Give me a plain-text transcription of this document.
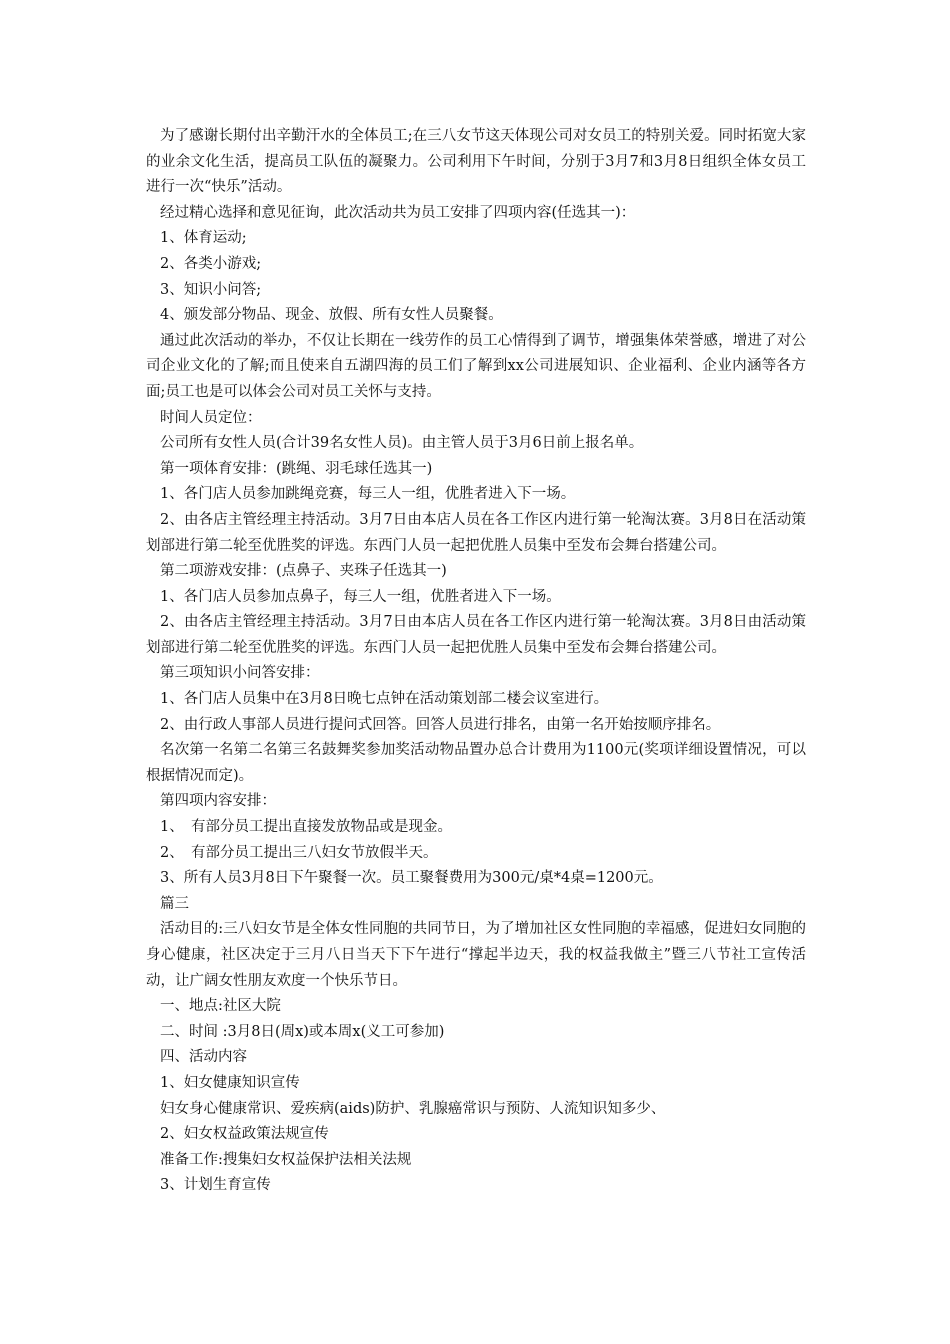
为了感谢长期付出辛勤汗水的全体员工;在三八女节这天体现公司对女员工的特别关爱。同时拓宽大家的业余文化生活，提高员工队伍的凝聚力。公司利用下午时间，分别于3月7和3月8日组织全体女员工进行一次“快乐”活动。

经过精心选择和意见征询，此次活动共为员工安排了四项内容(任选其一)：

1、体育运动;

2、各类小游戏;

3、知识小问答;

4、颁发部分物品、现金、放假、所有女性人员聚餐。

通过此次活动的举办，不仅让长期在一线劳作的员工心情得到了调节，增强集体荣誉感，增进了对公司企业文化的了解;而且使来自五湖四海的员工们了解到xx公司进展知识、企业福利、企业内涵等各方面;员工也是可以体会公司对员工关怀与支持。

时间人员定位：

公司所有女性人员(合计39名女性人员)。由主管人员于3月6日前上报名单。

第一项体育安排：(跳绳、羽毛球任选其一)

1、各门店人员参加跳绳竞赛，每三人一组，优胜者进入下一场。

2、由各店主管经理主持活动。3月7日由本店人员在各工作区内进行第一轮淘汰赛。3月8日在活动策划部进行第二轮至优胜奖的评选。东西门人员一起把优胜人员集中至发布会舞台搭建公司。

第二项游戏安排：(点鼻子、夹珠子任选其一)

1、各门店人员参加点鼻子，每三人一组，优胜者进入下一场。

2、由各店主管经理主持活动。3月7日由本店人员在各工作区内进行第一轮淘汰赛。3月8日由活动策划部进行第二轮至优胜奖的评选。东西门人员一起把优胜人员集中至发布会舞台搭建公司。

第三项知识小问答安排：

1、各门店人员集中在3月8日晚七点钟在活动策划部二楼会议室进行。

2、由行政人事部人员进行提问式回答。回答人员进行排名，由第一名开始按顺序排名。

名次第一名第二名第三名鼓舞奖参加奖活动物品置办总合计费用为1100元(奖项详细设置情况，可以根据情况而定)。

第四项内容安排：

1、　有部分员工提出直接发放物品或是现金。

2、　有部分员工提出三八妇女节放假半天。

3、所有人员3月8日下午聚餐一次。员工聚餐费用为300元/桌*4桌=1200元。

篇三

活动目的:三八妇女节是全体女性同胞的共同节日，为了增加社区女性同胞的幸福感，促进妇女同胞的身心健康，社区决定于三月八日当天下下午进行“撑起半边天，我的权益我做主”暨三八节社工宣传活动，让广阔女性朋友欢度一个快乐节日。

一、地点:社区大院

二、时间 :3月8日(周x)或本周x(义工可参加)

四、活动内容

1、妇女健康知识宣传

妇女身心健康常识、爱疾病(aids)防护、乳腺癌常识与预防、人流知识知多少、

2、妇女权益政策法规宣传

准备工作:搜集妇女权益保护法相关法规

3、计划生育宣传
